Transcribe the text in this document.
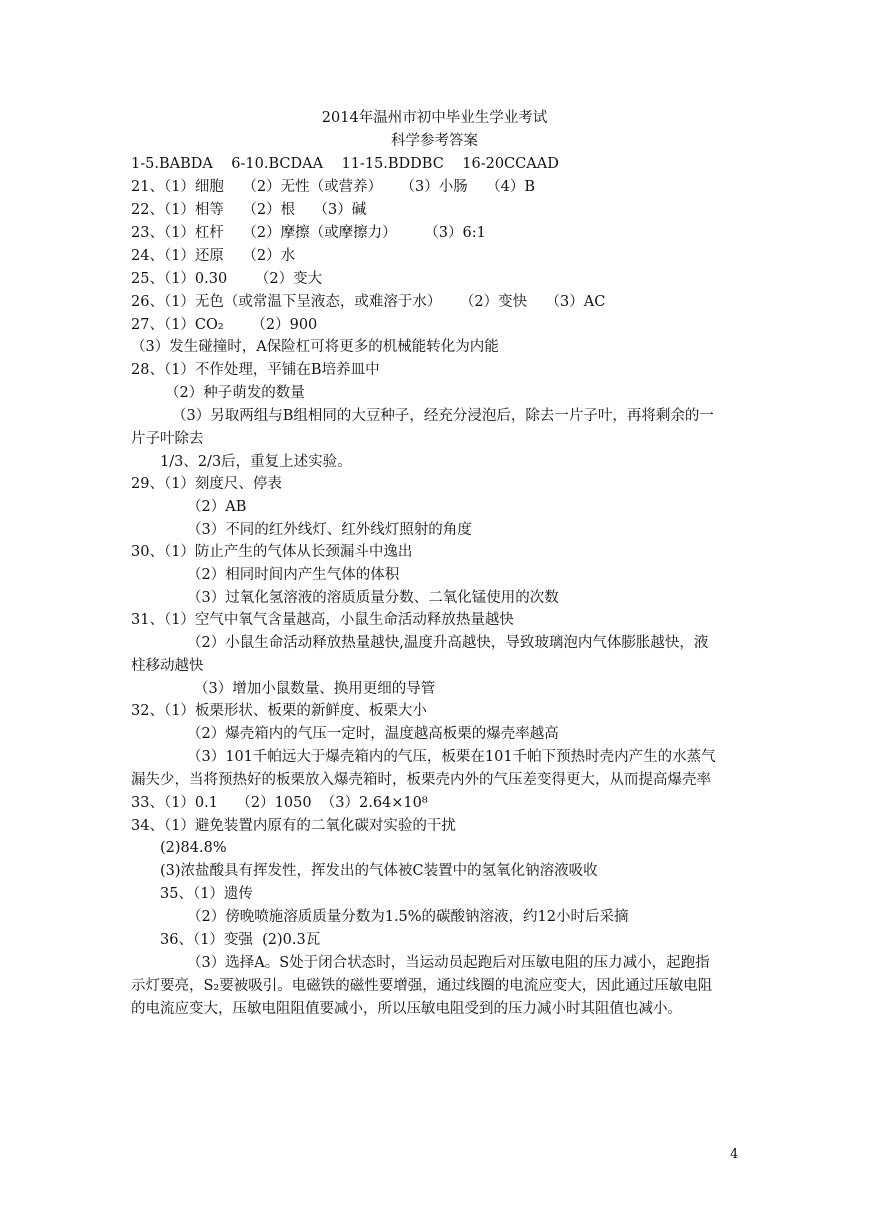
2014年温州市初中毕业生学业考试
科学参考答案
1-5.BABDA    6-10.BCDAA    11-15.BDDBC    16-20CCAAD
21、（1）细胞    （2）无性（或营养）    （3）小肠    （4）B
22、（1）相等    （2）根    （3）碱
23、（1）杠杆    （2）摩擦（或摩擦力）      （3）6:1
24、（1）还原    （2）水
25、（1）0.30      （2）变大
26、（1）无色（或常温下呈液态，或难溶于水）    （2）变快    （3）AC
27、（1）CO₂      （2）900
（3）发生碰撞时，A保险杠可将更多的机械能转化为内能
28、（1）不作处理，平铺在B培养皿中
（2）种子萌发的数量
（3）另取两组与B组相同的大豆种子，经充分浸泡后，除去一片子叶，再将剩余的一
片子叶除去
1/3、2/3后，重复上述实验。
29、（1）刻度尺、停表
（2）AB
（3）不同的红外线灯、红外线灯照射的角度
30、（1）防止产生的气体从长颈漏斗中逸出
（2）相同时间内产生气体的体积
（3）过氧化氢溶液的溶质质量分数、二氧化锰使用的次数
31、（1）空气中氧气含量越高，小鼠生命活动释放热量越快
（2）小鼠生命活动释放热量越快,温度升高越快，导致玻璃泡内气体膨胀越快，液
柱移动越快
（3）增加小鼠数量、换用更细的导管
32、（1）板栗形状、板栗的新鲜度、板栗大小
（2）爆壳箱内的气压一定时，温度越高板栗的爆壳率越高
（3）101千帕远大于爆壳箱内的气压，板栗在101千帕下预热时壳内产生的水蒸气
漏失少，当将预热好的板栗放入爆壳箱时，板栗壳内外的气压差变得更大，从而提高爆壳率
33、（1）0.1    （2）1050  （3）2.64×10⁸
34、（1）避免装置内原有的二氧化碳对实验的干扰
(2)84.8%
(3)浓盐酸具有挥发性，挥发出的气体被C装置中的氢氧化钠溶液吸收
35、（1）遗传
（2）傍晚喷施溶质质量分数为1.5%的碳酸钠溶液，约12小时后采摘
36、（1）变强  (2)0.3瓦
（3）选择A。S处于闭合状态时，当运动员起跑后对压敏电阻的压力减小，起跑指
示灯要亮，S₂要被吸引。电磁铁的磁性要增强，通过线圈的电流应变大，因此通过压敏电阻
的电流应变大，压敏电阻阻值要减小，所以压敏电阻受到的压力减小时其阻值也减小。
4
